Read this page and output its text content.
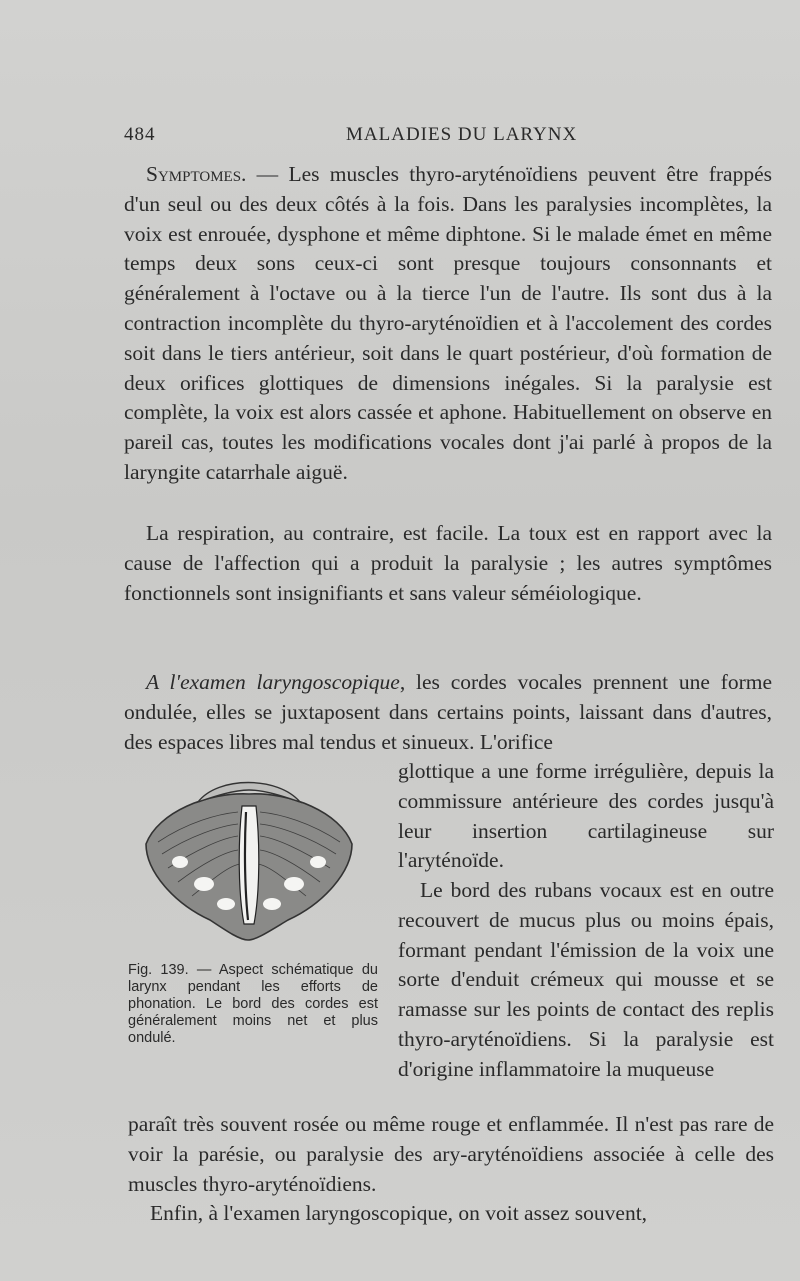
484	MALADIES DU LARYNX

Symptomes. — Les muscles thyro-aryténoïdiens peuvent être frappés d'un seul ou des deux côtés à la fois. Dans les paralysies incomplètes, la voix est enrouée, dysphone et même diphtone. Si le malade émet en même temps deux sons ceux-ci sont presque toujours consonnants et généralement à l'octave ou à la tierce l'un de l'autre. Ils sont dus à la contraction incomplète du thyro-aryténoïdien et à l'accolement des cordes soit dans le tiers antérieur, soit dans le quart postérieur, d'où formation de deux orifices glottiques de dimensions inégales. Si la paralysie est complète, la voix est alors cassée et aphone. Habituellement on observe en pareil cas, toutes les modifications vocales dont j'ai parlé à propos de la laryngite catarrhale aiguë.

La respiration, au contraire, est facile. La toux est en rapport avec la cause de l'affection qui a produit la paralysie ; les autres symptômes fonctionnels sont insignifiants et sans valeur séméiologique.

A l'examen laryngoscopique, les cordes vocales prennent une forme ondulée, elles se juxtaposent dans certains points, laissant dans d'autres, des espaces libres mal tendus et sinueux. L'orifice

glottique a une forme irrégulière, depuis la commissure antérieure des cordes jusqu'à leur insertion cartilagineuse sur l'aryténoïde.

Le bord des rubans vocaux est en outre recouvert de mucus plus ou moins épais, formant pendant l'émission de la voix une sorte d'enduit crémeux qui mousse et se ramasse sur les points de contact des replis thyro-aryténoïdiens. Si la paralysie est d'origine inflammatoire la muqueuse

paraît très souvent rosée ou même rouge et enflammée. Il n'est pas rare de voir la parésie, ou paralysie des ary-aryténoïdiens associée à celle des muscles thyro-aryténoïdiens.

Enfin, à l'examen laryngoscopique, on voit assez souvent,

Fig. 139. — Aspect schématique du larynx pendant les efforts de phonation. Le bord des cordes est généralement moins net et plus ondulé.
